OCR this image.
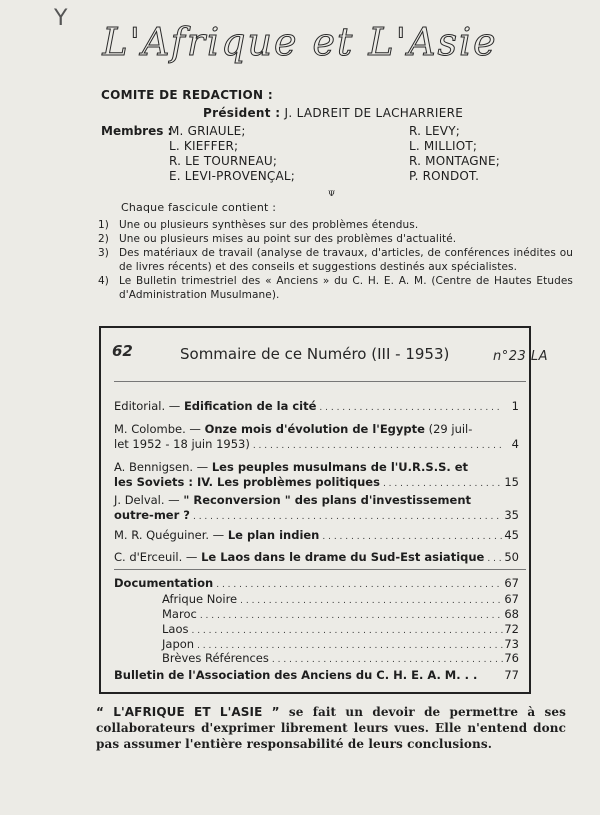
Y
L'Afrique et L'Asie
COMITE DE REDACTION :
Président : J. LADREIT DE LACHARRIERE
Membres :
M. GRIAULE;
L. KIEFFER;
R. LE TOURNEAU;
E. LEVI-PROVENÇAL;
R. LEVY;
L. MILLIOT;
R. MONTAGNE;
P. RONDOT.
ᴪ
Chaque fascicule contient :
1) Une ou plusieurs synthèses sur des problèmes étendus.
2) Une ou plusieurs mises au point sur des problèmes d'actualité.
3) Des matériaux de travail (analyse de travaux, d'articles, de conférences inédites ou de livres récents) et des conseils et suggestions destinés aux spécialistes.
4) Le Bulletin trimestriel des « Anciens » du C. H. E. A. M. (Centre de Hautes Etudes d'Administration Musulmane).
62	Sommaire de ce Numéro (III - 1953)	n°23 LA
Editorial. —
Edification de la cité . . .	1
M. Colombe. —
Onze mois d'évolution de l'Egypte
(29 juil-
let 1952 - 18 juin 1953) . . .	4
A. Bennigsen. —
Les peuples musulmans de l'U.R.S.S. et
les Soviets : IV. Les problèmes politiques . . .	15
J. Delval. —
" Reconversion " des plans d'investissement
outre-mer ? . . .	35
M. R. Quéguiner. —
Le plan indien . . .	45
C. d'Erceuil. —
Le Laos dans le drame du Sud-Est asiatique . . . 50
Documentation . . .	67
Afrique Noire . . .	67
Maroc . . .	68
Laos . . .	72
Japon . . .	73
Brèves Références . . .	76
Bulletin de l'Association des Anciens du C. H. E. A. M. . . 77
“ L'AFRIQUE ET L'ASIE ” se fait un devoir de permettre à ses collaborateurs d'exprimer librement leurs vues. Elle n'entend donc pas assumer l'entière responsabilité de leurs conclusions.
